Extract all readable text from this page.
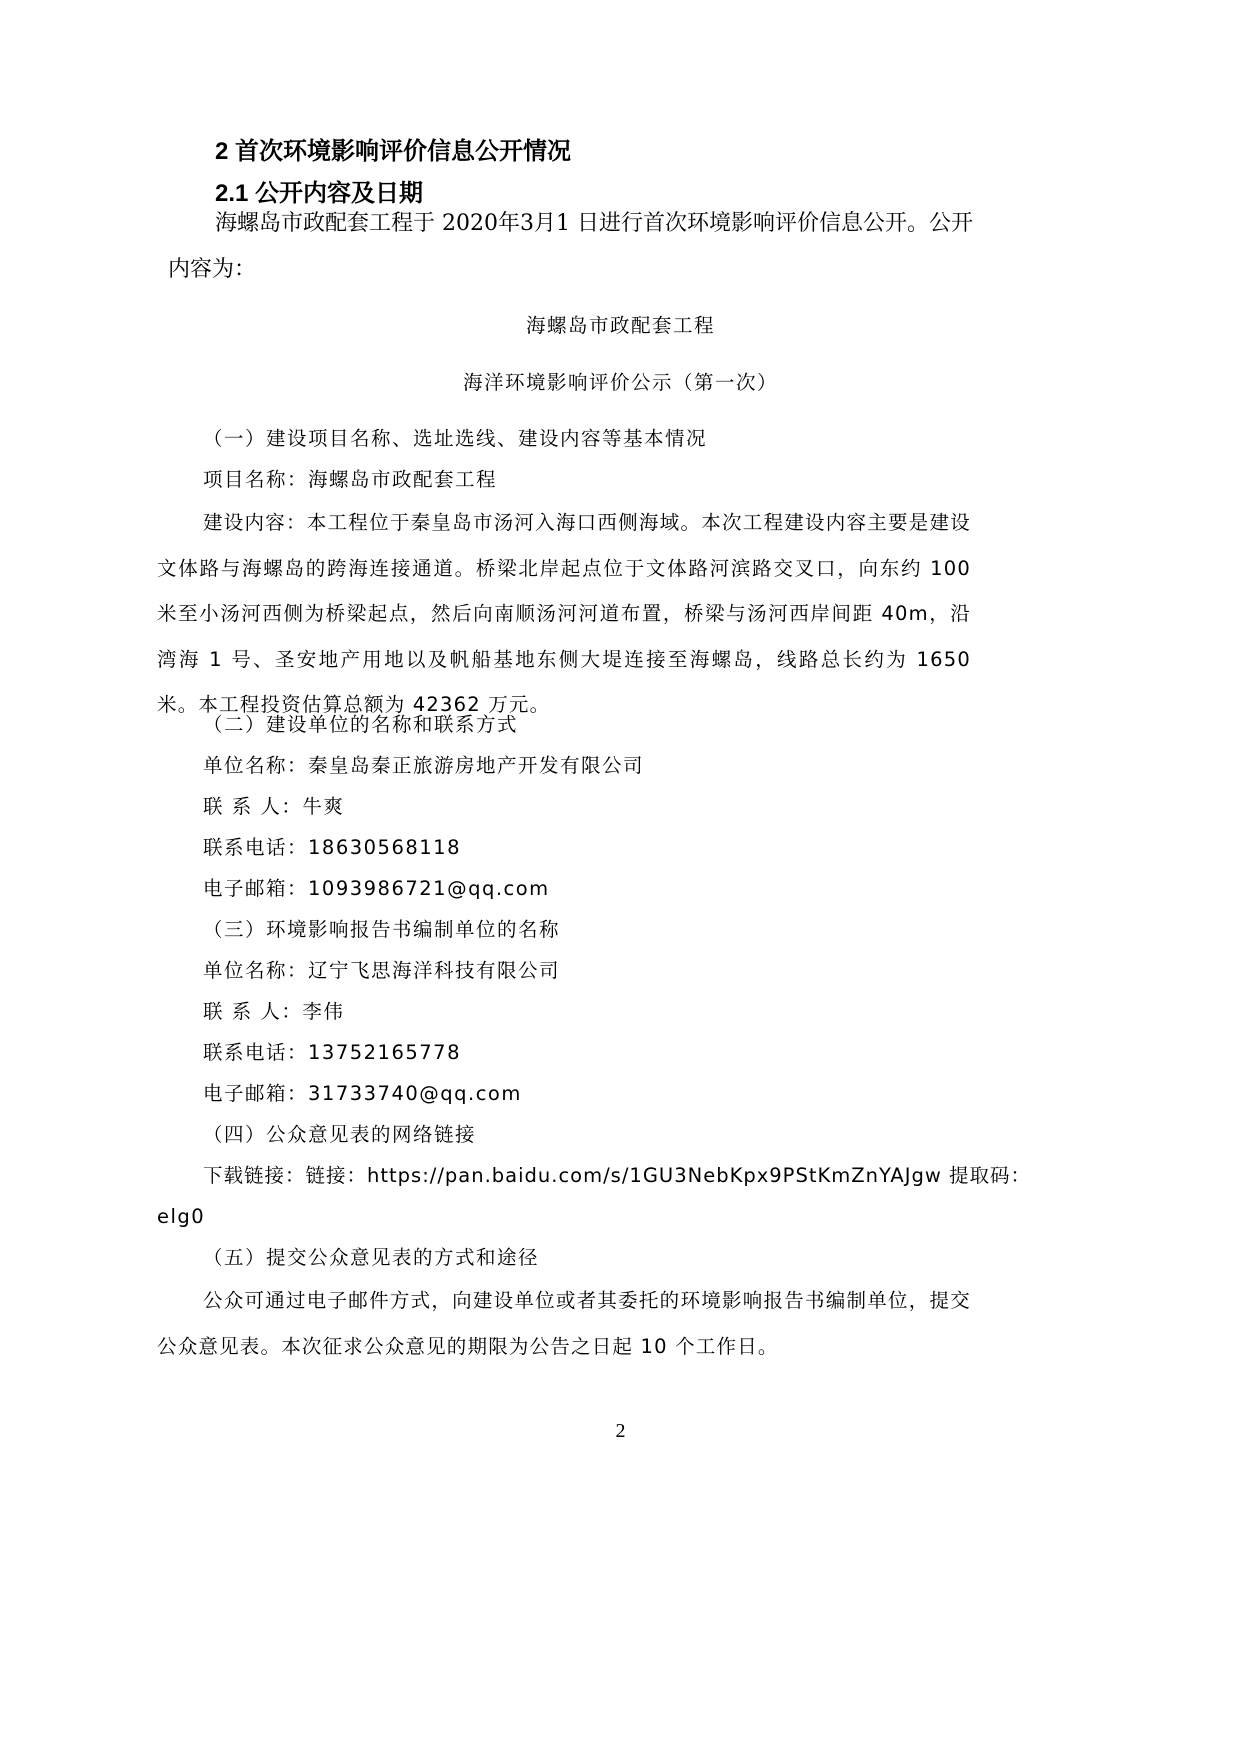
2 首次环境影响评价信息公开情况
2.1 公开内容及日期
海螺岛市政配套工程于 2020年3月1 日进行首次环境影响评价信息公开。公开
内容为：
海螺岛市政配套工程
海洋环境影响评价公示（第一次）
（一）建设项目名称、选址选线、建设内容等基本情况
项目名称：海螺岛市政配套工程
建设内容：本工程位于秦皇岛市汤河入海口西侧海域。本次工程建设内容主要是建设文体路与海螺岛的跨海连接通道。桥梁北岸起点位于文体路河滨路交叉口，向东约 100 米至小汤河西侧为桥梁起点，然后向南顺汤河河道布置，桥梁与汤河西岸间距 40m，沿湾海 1 号、圣安地产用地以及帆船基地东侧大堤连接至海螺岛，线路总长约为 1650 米。本工程投资估算总额为 42362 万元。
（二）建设单位的名称和联系方式
单位名称：秦皇岛秦正旅游房地产开发有限公司
联 系 人：牛爽
联系电话：18630568118
电子邮箱：1093986721@qq.com
（三）环境影响报告书编制单位的名称
单位名称：辽宁飞思海洋科技有限公司
联 系 人：李伟
联系电话：13752165778
电子邮箱：31733740@qq.com
（四）公众意见表的网络链接
下载链接：链接：https://pan.baidu.com/s/1GU3NebKpx9PStKmZnYAJgw 提取码：
elg0
（五）提交公众意见表的方式和途径
公众可通过电子邮件方式，向建设单位或者其委托的环境影响报告书编制单位，提交公众意见表。本次征求公众意见的期限为公告之日起 10 个工作日。
2
